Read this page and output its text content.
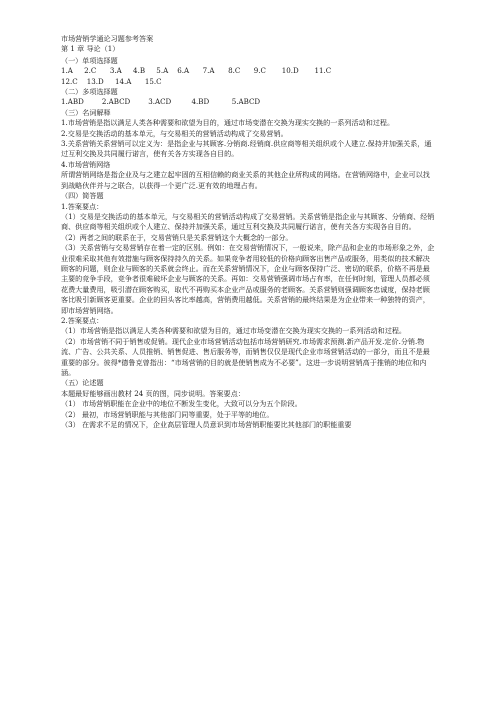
市场营销学通论习题参考答案
第 1 章 导论（1）
（一）单项选择题
1.A     2.C      3.A     4.B     5.A    6.A      7.A      8.C      9.C       10.D       11.C
12.C    13.D     14.A      15.C
（二）多项选择题
1.ABD        2.ABCD        3.ACD         4.BD          5.ABCD
（三）名词解释
1.市场营销是指以满足人类各种需要和欲望为目的，通过市场变潜在交换为现实交换的一系列活动和过程。
2.交易是交换活动的基本单元，与交易相关的营销活动构成了交易营销。
3.关系营销关系营销可以定义为：是指企业与其顾客.分销商.经销商.供应商等相关组织或个人建立.保持并加强关系，通过互利交换及共同履行诺言，使有关各方实现各自目的。
4.市场营销网络
所谓营销网络是指企业及与之建立起牢固的互相信赖的商业关系的其他企业所构成的网络。在营销网络中，企业可以找到战略伙伴并与之联合，以获得一个更广泛.更有效的地理占有。
（四）简答题
1.答案要点：
（1）交易是交换活动的基本单元，与交易相关的营销活动构成了交易营销。关系营销是指企业与其顾客、分销商、经销商、供应商等相关组织或个人建立、保持并加强关系，通过互利交换及共同履行诺言，使有关各方实现各自目的。
（2）两者之间的联系在于，交易营销只是关系营销这个大概念的一部分。
（3）关系营销与交易营销存在着一定的区别。例如：在交易营销情况下，一般说来，除产品和企业的市场形象之外，企业很难采取其他有效措施与顾客保持持久的关系。如果竞争者用较低的价格向顾客出售产品或服务，用类似的技术解决顾客的问题，则企业与顾客的关系就会终止。而在关系营销情况下，企业与顾客保持广泛、密切的联系，价格不再是最主要的竞争手段，竞争者很难破坏企业与顾客的关系。再如：交易营销强调市场占有率，在任何时刻，管理人员都必须花费大量费用，吸引潜在顾客购买，取代不再购买本企业产品或服务的老顾客。关系营销则强调顾客忠诚度，保持老顾客比吸引新顾客更重要。企业的回头客比率越高，营销费用越低。关系营销的最终结果是为企业带来一种独特的资产，即市场营销网络。
2.答案要点：
（1）市场营销是指以满足人类各种需要和欲望为目的，通过市场变潜在交换为现实交换的一系列活动和过程。
（2）市场营销不同于销售或促销。现代企业市场营销活动包括市场营销研究.市场需求预测.新产品开发.定价.分销.物流、广告、公共关系、人员推销、销售促进、售后服务等，而销售仅仅是现代企业市场营销活动的一部分，而且不是最重要的部分。彼得*德鲁克曾指出：“市场营销的目的就是使销售成为不必要”。这进一步说明营销高于推销的地位和内涵。
（五）论述题
本题最好能够画出教材 24 页的图，同步说明。答案要点：
（1） 市场营销职能在企业中的地位不断发生变化，大致可以分为五个阶段。
（2） 最初，市场营销职能与其他部门同等重要，处于平等的地位。
（3） 在需求不足的情况下，企业高层管理人员意识到市场营销职能要比其他部门的职能重要
